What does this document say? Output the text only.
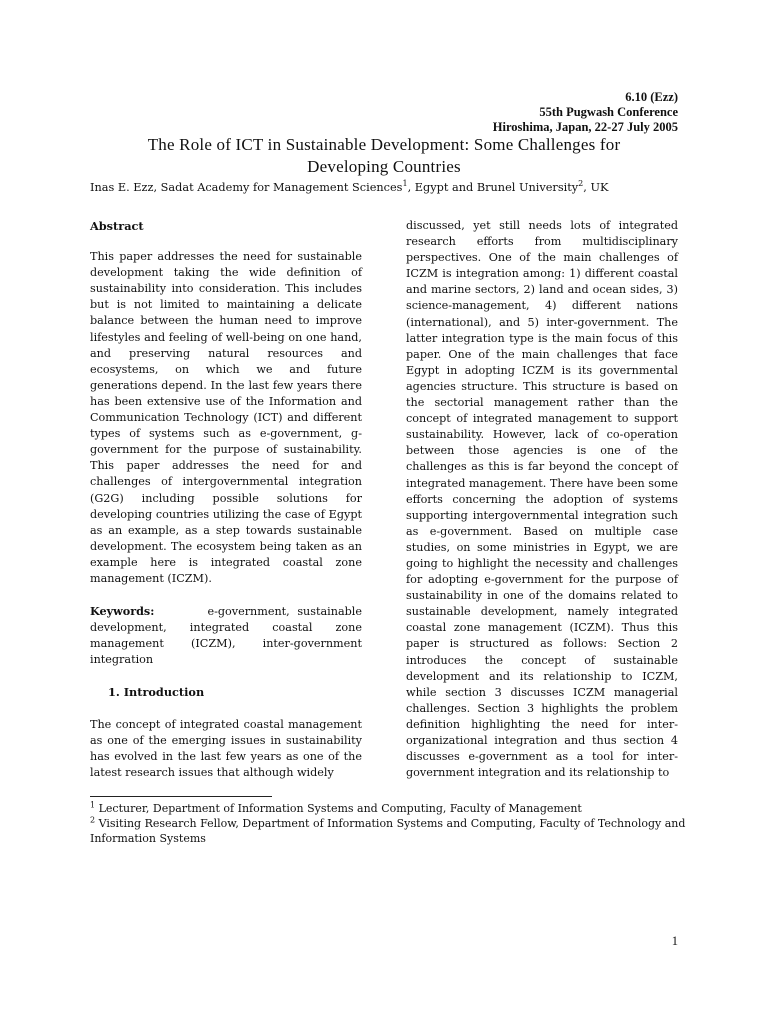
6.10 (Ezz)
55th Pugwash Conference
Hiroshima, Japan, 22-27 July 2005
The Role of ICT in Sustainable Development: Some Challenges for
Developing Countries
Inas E. Ezz, Sadat Academy for Management Sciences$^1$, Egypt and Brunel University$^2$, UK

Abstract

This paper addresses the need for sustainable development taking the wide definition of sustainability into consideration. This includes but is not limited to maintaining a delicate balance between the human need to improve lifestyles and feeling of well-being on one hand, and preserving natural resources and ecosystems, on which we and future generations depend. In the last few years there has been extensive use of the Information and Communication Technology (ICT) and different types of systems such as e-government, g-government for the purpose of sustainability. This paper addresses the need for and challenges of intergovernmental integration (G2G) including possible solutions for developing countries utilizing the case of Egypt as an example, as a step towards sustainable development. The ecosystem being taken as an example here is integrated coastal zone management (ICZM).

Keywords:	e-government, sustainable development, integrated coastal zone management (ICZM), inter-government integration

1. Introduction

The concept of integrated coastal management as one of the emerging issues in sustainability has evolved in the last few years as one of the latest research issues that although widely

discussed, yet still needs lots of integrated research efforts from multidisciplinary perspectives. One of the main challenges of ICZM is integration among: 1) different coastal and marine sectors, 2) land and ocean sides, 3) science-management, 4) different nations (international), and 5) inter-government. The latter integration type is the main focus of this paper. One of the main challenges that face Egypt in adopting ICZM is its governmental agencies structure. This structure is based on the sectorial management rather than the concept of integrated management to support sustainability. However, lack of co-operation between those agencies is one of the challenges as this is far beyond the concept of integrated management. There have been some efforts concerning the adoption of systems supporting intergovernmental integration such as e-government. Based on multiple case studies, on some ministries in Egypt, we are going to highlight the necessity and challenges for adopting e-government for the purpose of sustainability in one of the domains related to sustainable development, namely integrated coastal zone management (ICZM). Thus this paper is structured as follows: Section 2 introduces the concept of sustainable development and its relationship to ICZM, while section 3 discusses ICZM managerial challenges. Section 3 highlights the problem definition highlighting the need for inter-organizational integration and thus section 4 discusses e-government as a tool for inter-government integration and its relationship to

$^1$ Lecturer, Department of Information Systems and Computing, Faculty of Management
$^2$ Visiting Research Fellow, Department of Information Systems and Computing, Faculty of Technology and Information Systems
1
